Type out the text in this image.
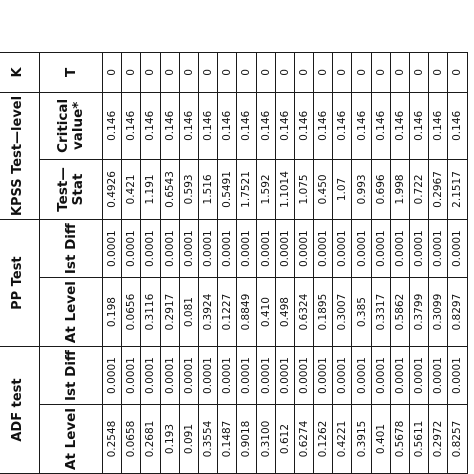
ADF test		PP Test		KPSS Test—level		K
At Level	Ist Diff	At Level	Ist Diff	Test— Stat	Critical value*	T
0.2548	0.0001	0.198	0.0001	0.4926	0.146	0
0.0658	0.0001	0.0656	0.0001	0.421	0.146	0
0.2681	0.0001	0.3116	0.0001	1.191	0.146	0
0.193	0.0001	0.2917	0.0001	0.6543	0.146	0
0.091	0.0001	0.081	0.0001	0.593	0.146	0
0.3554	0.0001	0.3924	0.0001	1.516	0.146	0
0.1487	0.0001	0.1227	0.0001	0.5491	0.146	0
0.9018	0.0001	0.8849	0.0001	1.7521	0.146	0
0.3100	0.0001	0.410	0.0001	1.592	0.146	0
0.612	0.0001	0.498	0.0001	1.1014	0.146	0
0.6274	0.0001	0.6324	0.0001	1.075	0.146	0
0.1262	0.0001	0.1895	0.0001	0.450	0.146	0
0.4221	0.0001	0.3007	0.0001	1.07	0.146	0
0.3915	0.0001	0.385	0.0001	0.993	0.146	0
0.401	0.0001	0.3317	0.0001	0.696	0.146	0
0.5678	0.0001	0.5862	0.0001	1.998	0.146	0
0.5611	0.0001	0.3799	0.0001	0.722	0.146	0
0.2972	0.0001	0.3099	0.0001	0.2967	0.146	0
0.8257	0.0001	0.8297	0.0001	2.1517	0.146	0
